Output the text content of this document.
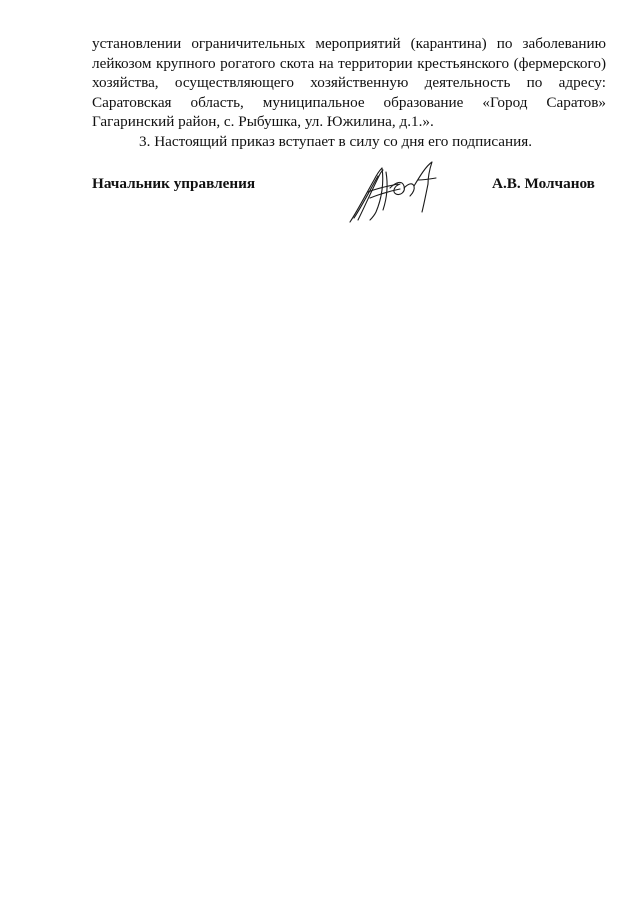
установлении ограничительных мероприятий (карантина) по заболеванию лейкозом крупного рогатого скота на территории крестьянского (фермерского) хозяйства, осуществляющего хозяйственную деятельность по адресу: Саратовская область, муниципальное образование «Город Саратов» Гагаринский район, с. Рыбушка, ул. Южилина, д.1.».

3. Настоящий приказ вступает в силу со дня его подписания.

Начальник управления	А.В. Молчанов
